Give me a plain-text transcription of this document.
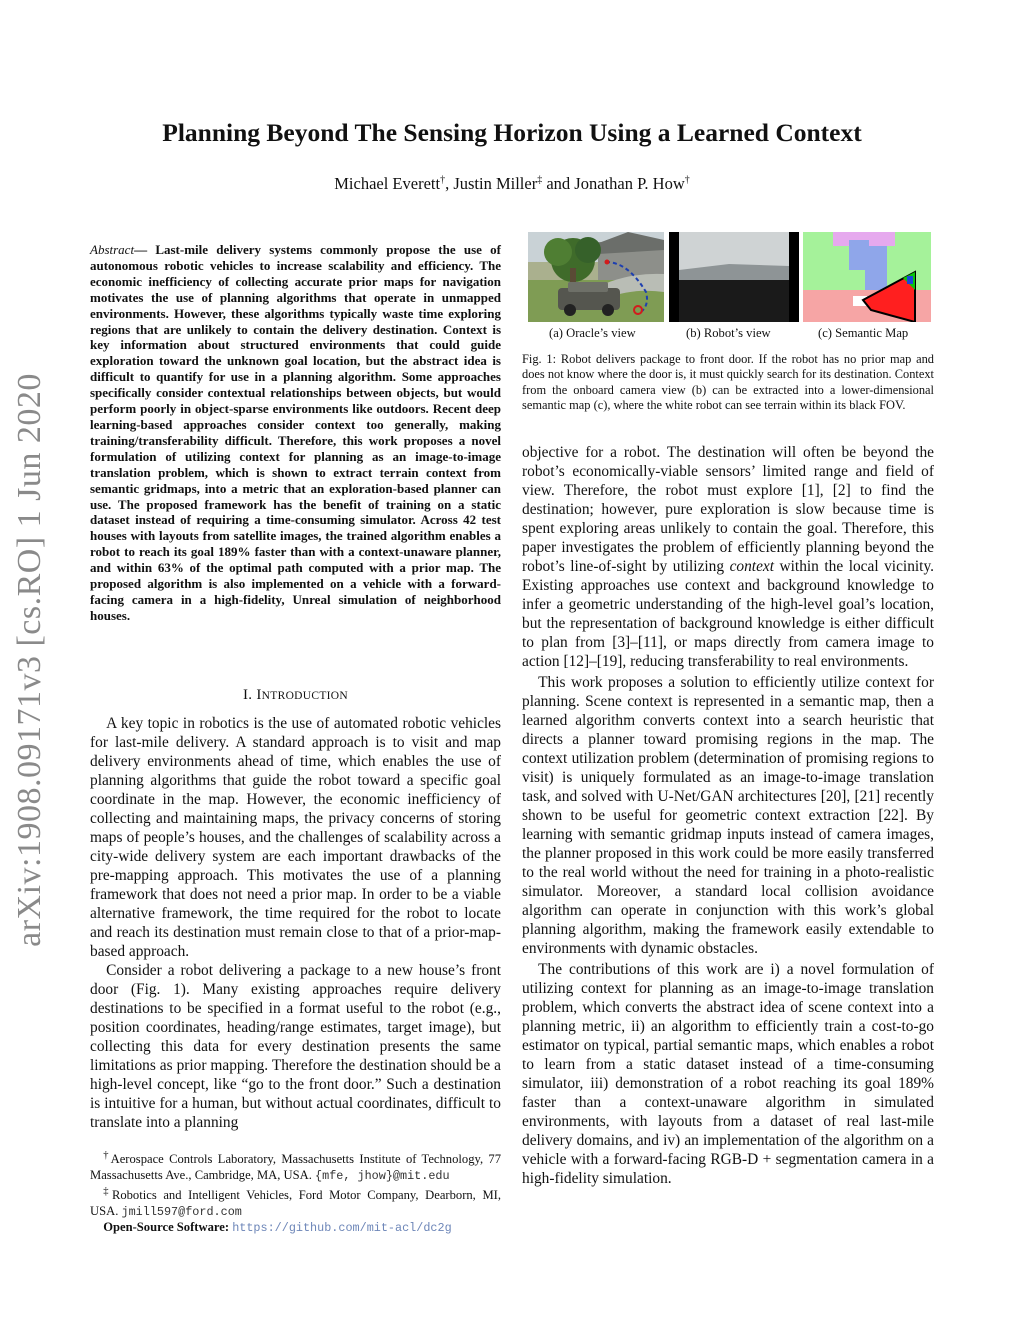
arXiv:1908.09171v3 [cs.RO] 1 Jun 2020
Planning Beyond The Sensing Horizon Using a Learned Context
Michael Everett†, Justin Miller‡ and Jonathan P. How†
Abstract— Last-mile delivery systems commonly propose the use of autonomous robotic vehicles to increase scalability and efficiency. The economic inefficiency of collecting accurate prior maps for navigation motivates the use of planning algorithms that operate in unmapped environments. However, these algorithms typically waste time exploring regions that are unlikely to contain the delivery destination. Context is key information about structured environments that could guide exploration toward the unknown goal location, but the abstract idea is difficult to quantify for use in a planning algorithm. Some approaches specifically consider contextual relationships between objects, but would perform poorly in object-sparse environments like outdoors. Recent deep learning-based approaches consider context too generally, making training/transferability difficult. Therefore, this work proposes a novel formulation of utilizing context for planning as an image-to-image translation problem, which is shown to extract terrain context from semantic gridmaps, into a metric that an exploration-based planner can use. The proposed framework has the benefit of training on a static dataset instead of requiring a time-consuming simulator. Across 42 test houses with layouts from satellite images, the trained algorithm enables a robot to reach its goal 189% faster than with a context-unaware planner, and within 63% of the optimal path computed with a prior map. The proposed algorithm is also implemented on a vehicle with a forward-facing camera in a high-fidelity, Unreal simulation of neighborhood houses.
I. INTRODUCTION

A key topic in robotics is the use of automated robotic vehicles for last-mile delivery. A standard approach is to visit and map delivery environments ahead of time, which enables the use of planning algorithms that guide the robot toward a specific goal coordinate in the map. However, the economic inefficiency of collecting and maintaining maps, the privacy concerns of storing maps of people’s houses, and the challenges of scalability across a city-wide delivery system are each important drawbacks of the pre-mapping approach. This motivates the use of a planning framework that does not need a prior map. In order to be a viable alternative framework, the time required for the robot to locate and reach its destination must remain close to that of a prior-map-based approach.

Consider a robot delivering a package to a new house’s front door (Fig. 1). Many existing approaches require delivery destinations to be specified in a format useful to the robot (e.g., position coordinates, heading/range estimates, target image), but collecting this data for every destination presents the same limitations as prior mapping. Therefore the destination should be a high-level concept, like “go to the front door.” Such a destination is intuitive for a human, but without actual coordinates, difficult to translate into a planning

†Aerospace Controls Laboratory, Massachusetts Institute of Technology, 77 Massachusetts Ave., Cambridge, MA, USA. {mfe, jhow}@mit.edu

‡Robotics and Intelligent Vehicles, Ford Motor Company, Dearborn, MI, USA. jmill597@ford.com

Open-Source Software: https://github.com/mit-acl/dc2g

(a) Oracle’s view	(b) Robot’s view	(c) Semantic Map

Fig. 1: Robot delivers package to front door. If the robot has no prior map and does not know where the door is, it must quickly search for its destination. Context from the onboard camera view (b) can be extracted into a lower-dimensional semantic map (c), where the white robot can see terrain within its black FOV.

objective for a robot. The destination will often be beyond the robot’s economically-viable sensors’ limited range and field of view. Therefore, the robot must explore [1], [2] to find the destination; however, pure exploration is slow because time is spent exploring areas unlikely to contain the goal. Therefore, this paper investigates the problem of efficiently planning beyond the robot’s line-of-sight by utilizing context within the local vicinity. Existing approaches use context and background knowledge to infer a geometric understanding of the high-level goal’s location, but the representation of background knowledge is either difficult to plan from [3]–[11], or maps directly from camera image to action [12]–[19], reducing transferability to real environments.

This work proposes a solution to efficiently utilize context for planning. Scene context is represented in a semantic map, then a learned algorithm converts context into a search heuristic that directs a planner toward promising regions in the map. The context utilization problem (determination of promising regions to visit) is uniquely formulated as an image-to-image translation task, and solved with U-Net/GAN architectures [20], [21] recently shown to be useful for geometric context extraction [22]. By learning with semantic gridmap inputs instead of camera images, the planner proposed in this work could be more easily transferred to the real world without the need for training in a photo-realistic simulator. Moreover, a standard local collision avoidance algorithm can operate in conjunction with this work’s global planning algorithm, making the framework easily extendable to environments with dynamic obstacles.

The contributions of this work are i) a novel formulation of utilizing context for planning as an image-to-image translation problem, which converts the abstract idea of scene context into a planning metric, ii) an algorithm to efficiently train a cost-to-go estimator on typical, partial semantic maps, which enables a robot to learn from a static dataset instead of a time-consuming simulator, iii) demonstration of a robot reaching its goal 189% faster than a context-unaware algorithm in simulated environments, with layouts from a dataset of real last-mile delivery domains, and iv) an implementation of the algorithm on a vehicle with a forward-facing RGB-D + segmentation camera in a high-fidelity simulation.
